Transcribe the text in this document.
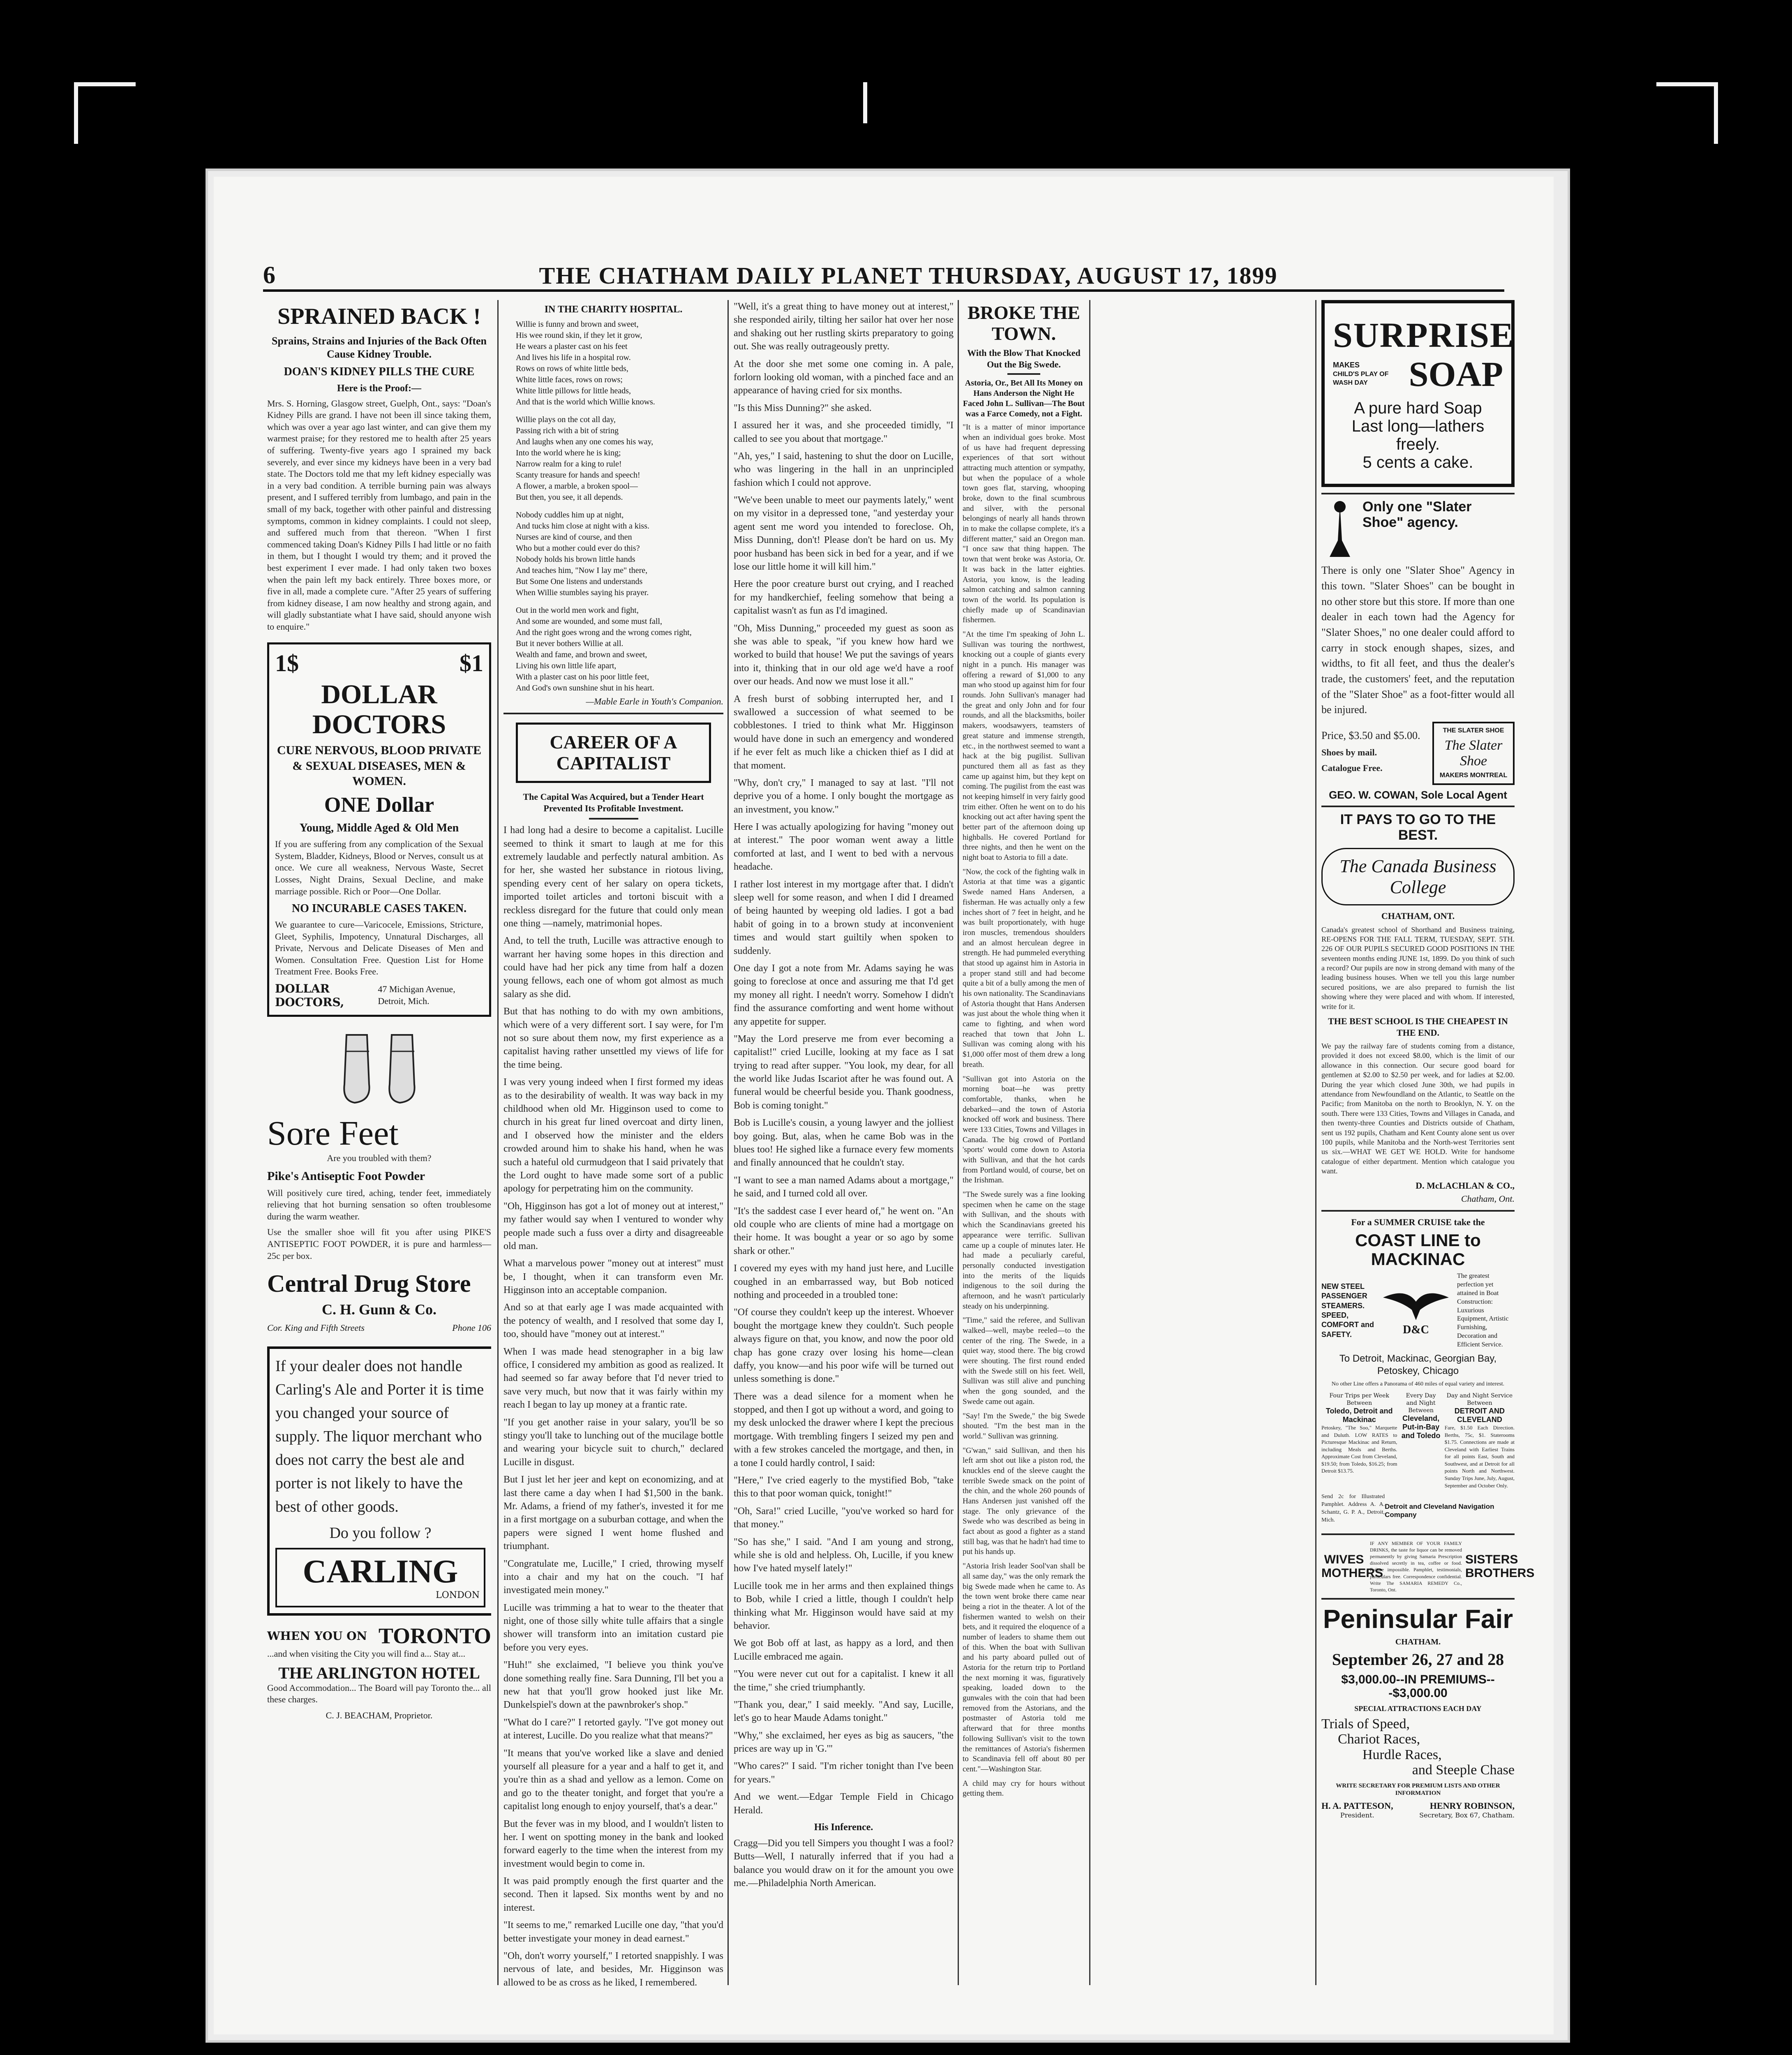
6	THE CHATHAM DAILY PLANET THURSDAY, AUGUST 17, 1899
SPRAINED BACK !
Sprains, Strains and Injuries of the Back Often Cause Kidney Trouble.
DOAN'S KIDNEY PILLS THE CURE
Here is the Proof:—
Mrs. S. Horning, Glasgow street, Guelph, Ont., says: "Doan's Kidney Pills are grand. I have not been ill since taking them, which was over a year ago last winter, and can give them my warmest praise; for they restored me to health after 25 years of suffering. Twenty-five years ago I sprained my back severely, and ever since my kidneys have been in a very bad state. The Doctors told me that my left kidney especially was in a very bad condition. A terrible burning pain was always present, and I suffered terribly from lumbago, and pain in the small of my back, together with other painful and distressing symptoms, common in kidney complaints. I could not sleep, and suffered much from that thereon. "When I first commenced taking Doan's Kidney Pills I had little or no faith in them, but I thought I would try them; and it proved the best experiment I ever made. I had only taken two boxes when the pain left my back entirely. Three boxes more, or five in all, made a complete cure. "After 25 years of suffering from kidney disease, I am now healthy and strong again, and will gladly substantiate what I have said, should anyone wish to enquire."
1$	$1
DOLLAR DOCTORS
CURE NERVOUS, BLOOD PRIVATE & SEXUAL DISEASES, MEN & WOMEN.
ONE Dollar
Young, Middle Aged & Old Men
If you are suffering from any complication of the Sexual System, Bladder, Kidneys, Blood or Nerves, consult us at once. We cure all weakness, Nervous Waste, Secret Losses, Night Drains, Sexual Decline, and make marriage possible. Rich or Poor—One Dollar.
NO INCURABLE CASES TAKEN.
We guarantee to cure—Varicocele, Emissions, Stricture, Gleet, Syphilis, Impotency, Unnatural Discharges, all Private, Nervous and Delicate Diseases of Men and Women. Consultation Free. Question List for Home Treatment Free. Books Free.
DOLLAR DOCTORS,
47 Michigan Avenue, Detroit, Mich.
Sore Feet
Are you troubled with them?
Pike's Antiseptic Foot Powder
Will positively cure tired, aching, tender feet, immediately relieving that hot burning sensation so often troublesome during the warm weather.
Use the smaller shoe will fit you after using PIKE'S ANTISEPTIC FOOT POWDER, it is pure and harmless—25c per box.
Central Drug Store
C. H. Gunn & Co.
Cor. King and Fifth Streets	Phone 106
If your dealer does not handle Carling's Ale and Porter it is time you changed your source of supply. The liquor merchant who does not carry the best ale and porter is not likely to have the best of other goods.
Do you follow ?
CARLING
LONDON
WHEN YOU ON TORONTO
...and when visiting the City you will find a... Stay at...
THE ARLINGTON HOTEL
Good Accommodation... The Board will pay Toronto the... all these charges.
C. J. BEACHAM, Proprietor.
IN THE CHARITY HOSPITAL.
Willie is funny and brown and sweet,
His wee round skin, if they let it grow,
He wears a plaster cast on his feet
And lives his life in a hospital row.
Rows on rows of white little beds,
White little faces, rows on rows;
White little pillows for little heads,
And that is the world which Willie knows.
Willie plays on the cot all day,
Passing rich with a bit of string
And laughs when any one comes his way,
Into the world where he is king;
Narrow realm for a king to rule!
Scanty treasure for hands and speech!
A flower, a marble, a broken spool—
But then, you see, it all depends.
Nobody cuddles him up at night,
And tucks him close at night with a kiss.
Nurses are kind of course, and then
Who but a mother could ever do this?
Nobody holds his brown little hands
And teaches him, "Now I lay me" there,
But Some One listens and understands
When Willie stumbles saying his prayer.
Out in the world men work and fight,
And some are wounded, and some must fall,
And the right goes wrong and the wrong comes right,
But it never bothers Willie at all.
Wealth and fame, and brown and sweet,
Living his own little life apart,
With a plaster cast on his poor little feet,
And God's own sunshine shut in his heart.
—Mable Earle in Youth's Companion.
CAREER OF A CAPITALIST
The Capital Was Acquired, but a Tender Heart Prevented Its Profitable Investment.
I had long had a desire to become a capitalist. Lucille seemed to think it smart to laugh at me for this extremely laudable and perfectly natural ambition. As for her, she wasted her substance in riotous living, spending every cent of her salary on opera tickets, imported toilet articles and tortoni biscuit with a reckless disregard for the future that could only mean one thing —namely, matrimonial hopes.
And, to tell the truth, Lucille was attractive enough to warrant her having some hopes in this direction and could have had her pick any time from half a dozen young fellows, each one of whom got almost as much salary as she did.
But that has nothing to do with my own ambitions, which were of a very different sort. I say were, for I'm not so sure about them now, my first experience as a capitalist having rather unsettled my views of life for the time being.
I was very young indeed when I first formed my ideas as to the desirability of wealth. It was way back in my childhood when old Mr. Higginson used to come to church in his great fur lined overcoat and dirty linen, and I observed how the minister and the elders crowded around him to shake his hand, when he was such a hateful old curmudgeon that I said privately that the Lord ought to have made some sort of a public apology for perpetrating him on the community.
"Oh, Higginson has got a lot of money out at interest," my father would say when I ventured to wonder why people made such a fuss over a dirty and disagreeable old man.
What a marvelous power "money out at interest" must be, I thought, when it can transform even Mr. Higginson into an acceptable companion.
And so at that early age I was made acquainted with the potency of wealth, and I resolved that some day I, too, should have "money out at interest."
When I was made head stenographer in a big law office, I considered my ambition as good as realized. It had seemed so far away before that I'd never tried to save very much, but now that it was fairly within my reach I began to lay up money at a frantic rate.
"If you get another raise in your salary, you'll be so stingy you'll take to lunching out of the mucilage bottle and wearing your bicycle suit to church," declared Lucille in disgust.
But I just let her jeer and kept on economizing, and at last there came a day when I had $1,500 in the bank. Mr. Adams, a friend of my father's, invested it for me in a first mortgage on a suburban cottage, and when the papers were signed I went home flushed and triumphant.
"Congratulate me, Lucille," I cried, throwing myself into a chair and my hat on the couch. "I haf investigated mein money."
Lucille was trimming a hat to wear to the theater that night, one of those silly white tulle affairs that a single shower will transform into an imitation custard pie before you very eyes.
"Huh!" she exclaimed, "I believe you think you've done something really fine. Sara Dunning, I'll bet you a new hat that you'll grow hooked just like Mr. Dunkelspiel's down at the pawnbroker's shop."
"What do I care?" I retorted gayly. "I've got money out at interest, Lucille. Do you realize what that means?"
"It means that you've worked like a slave and denied yourself all pleasure for a year and a half to get it, and you're thin as a shad and yellow as a lemon. Come on and go to the theater tonight, and forget that you're a capitalist long enough to enjoy yourself, that's a dear."
But the fever was in my blood, and I wouldn't listen to her. I went on spotting money in the bank and looked forward eagerly to the time when the interest from my investment would begin to come in.
It was paid promptly enough the first quarter and the second. Then it lapsed. Six months went by and no interest.
"It seems to me," remarked Lucille one day, "that you'd better investigate your money in dead earnest."
"Oh, don't worry yourself," I retorted snappishly. I was nervous of late, and besides, Mr. Higginson was allowed to be as cross as he liked, I remembered.
"Well, it's a great thing to have money out at interest," she responded airily, tilting her sailor hat over her nose and shaking out her rustling skirts preparatory to going out. She was really outrageously pretty.
At the door she met some one coming in. A pale, forlorn looking old woman, with a pinched face and an appearance of having cried for six months.
"Is this Miss Dunning?" she asked.
I assured her it was, and she proceeded timidly, "I called to see you about that mortgage."
"Ah, yes," I said, hastening to shut the door on Lucille, who was lingering in the hall in an unprincipled fashion which I could not approve.
"We've been unable to meet our payments lately," went on my visitor in a depressed tone, "and yesterday your agent sent me word you intended to foreclose. Oh, Miss Dunning, don't! Please don't be hard on us. My poor husband has been sick in bed for a year, and if we lose our little home it will kill him."
Here the poor creature burst out crying, and I reached for my handkerchief, feeling somehow that being a capitalist wasn't as fun as I'd imagined.
"Oh, Miss Dunning," proceeded my guest as soon as she was able to speak, "if you knew how hard we worked to build that house! We put the savings of years into it, thinking that in our old age we'd have a roof over our heads. And now we must lose it all."
A fresh burst of sobbing interrupted her, and I swallowed a succession of what seemed to be cobblestones. I tried to think what Mr. Higginson would have done in such an emergency and wondered if he ever felt as much like a chicken thief as I did at that moment.
"Why, don't cry," I managed to say at last. "I'll not deprive you of a home. I only bought the mortgage as an investment, you know."
Here I was actually apologizing for having "money out at interest." The poor woman went away a little comforted at last, and I went to bed with a nervous headache.
I rather lost interest in my mortgage after that. I didn't sleep well for some reason, and when I did I dreamed of being haunted by weeping old ladies. I got a bad habit of going in to a brown study at inconvenient times and would start guiltily when spoken to suddenly.
One day I got a note from Mr. Adams saying he was going to foreclose at once and assuring me that I'd get my money all right. I needn't worry. Somehow I didn't find the assurance comforting and went home without any appetite for supper.
"May the Lord preserve me from ever becoming a capitalist!" cried Lucille, looking at my face as I sat trying to read after supper. "You look, my dear, for all the world like Judas Iscariot after he was found out. A funeral would be cheerful beside you. Thank goodness, Bob is coming tonight."
Bob is Lucille's cousin, a young lawyer and the jolliest boy going. But, alas, when he came Bob was in the blues too! He sighed like a furnace every few moments and finally announced that he couldn't stay.
"I want to see a man named Adams about a mortgage," he said, and I turned cold all over.
"It's the saddest case I ever heard of," he went on. "An old couple who are clients of mine had a mortgage on their home. It was bought a year or so ago by some shark or other."
I covered my eyes with my hand just here, and Lucille coughed in an embarrassed way, but Bob noticed nothing and proceeded in a troubled tone:
"Of course they couldn't keep up the interest. Whoever bought the mortgage knew they couldn't. Such people always figure on that, you know, and now the poor old chap has gone crazy over losing his home—clean daffy, you know—and his poor wife will be turned out unless something is done."
There was a dead silence for a moment when he stopped, and then I got up without a word, and going to my desk unlocked the drawer where I kept the precious mortgage. With trembling fingers I seized my pen and with a few strokes canceled the mortgage, and then, in a tone I could hardly control, I said:
"Here," I've cried eagerly to the mystified Bob, "take this to that poor woman quick, tonight!"
"Oh, Sara!" cried Lucille, "you've worked so hard for that money."
"So has she," I said. "And I am young and strong, while she is old and helpless. Oh, Lucille, if you knew how I've hated myself lately!"
Lucille took me in her arms and then explained things to Bob, while I cried a little, though I couldn't help thinking what Mr. Higginson would have said at my behavior.
We got Bob off at last, as happy as a lord, and then Lucille embraced me again.
"You were never cut out for a capitalist. I knew it all the time," she cried triumphantly.
"Thank you, dear," I said meekly. "And say, Lucille, let's go to hear Maude Adams tonight."
"Why," she exclaimed, her eyes as big as saucers, "the prices are way up in 'G.'"
"Who cares?" I said. "I'm richer tonight than I've been for years."
And we went.—Edgar Temple Field in Chicago Herald.
His Inference.
Cragg—Did you tell Simpers you thought I was a fool? Butts—Well, I naturally inferred that if you had a balance you would draw on it for the amount you owe me.—Philadelphia North American.
BROKE THE TOWN.
With the Blow That Knocked Out the Big Swede.
Astoria, Or., Bet All Its Money on Hans Anderson the Night He Faced John L. Sullivan—The Bout was a Farce Comedy, not a Fight.
"It is a matter of minor importance when an individual goes broke. Most of us have had frequent depressing experiences of that sort without attracting much attention or sympathy, but when the populace of a whole town goes flat, starving, whooping broke, down to the final scumbrous and silver, with the personal belongings of nearly all hands thrown in to make the collapse complete, it's a different matter," said an Oregon man. "I once saw that thing happen. The town that went broke was Astoria, Or. It was back in the latter eighties. Astoria, you know, is the leading salmon catching and salmon canning town of the world. Its population is chiefly made up of Scandinavian fishermen.
"At the time I'm speaking of John L. Sullivan was touring the northwest, knocking out a couple of giants every night in a punch. His manager was offering a reward of $1,000 to any man who stood up against him for four rounds. John Sullivan's manager had the great and only John and for four rounds, and all the blacksmiths, boiler makers, woodsawyers, teamsters of great stature and immense strength, etc., in the northwest seemed to want a hack at the big pugilist. Sullivan punctured them all as fast as they came up against him, but they kept on coming. The pugilist from the east was not keeping himself in very fairly good trim either. Often he went on to do his knocking out act after having spent the better part of the afternoon doing up highballs. He covered Portland for three nights, and then he went on the night boat to Astoria to fill a date.
"Now, the cock of the fighting walk in Astoria at that time was a gigantic Swede named Hans Andersen, a fisherman. He was actually only a few inches short of 7 feet in height, and he was built proportionately, with huge iron muscles, tremendous shoulders and an almost herculean degree in strength. He had pummeled everything that stood up against him in Astoria in a proper stand still and had become quite a bit of a bully among the men of his own nationality. The Scandinavians of Astoria thought that Hans Andersen was just about the whole thing when it came to fighting, and when word reached that town that John L. Sullivan was coming along with his $1,000 offer most of them drew a long breath.
"Sullivan got into Astoria on the morning boat—he was pretty comfortable, thanks, when he debarked—and the town of Astoria knocked off work and business. There were 133 Cities, Towns and Villages in Canada. The big crowd of Portland 'sports' would come down to Astoria with Sullivan, and that the hot cards from Portland would, of course, bet on the Irishman.
"The Swede surely was a fine looking specimen when he came on the stage with Sullivan, and the shouts with which the Scandinavians greeted his appearance were terrific. Sullivan came up a couple of minutes later. He had made a peculiarly careful, personally conducted investigation into the merits of the liquids indigenous to the soil during the afternoon, and he wasn't particularly steady on his underpinning.
"Time," said the referee, and Sullivan walked—well, maybe reeled—to the center of the ring. The Swede, in a quiet way, stood there. The big crowd were shouting. The first round ended with the Swede still on his feet. Well, Sullivan was still alive and punching when the gong sounded, and the Swede came out again.
"Say! I'm the Swede," the big Swede shouted. "I'm the best man in the world." Sullivan was grinning.
"G'wan," said Sullivan, and then his left arm shot out like a piston rod, the knuckles end of the sleeve caught the terrible Swede smack on the point of the chin, and the whole 260 pounds of Hans Andersen just vanished off the stage. The only grievance of the Swede who was described as being in fact about as good a fighter as a stand still bag, was that he hadn't had time to put his hands up.
"Astoria Irish leader Sool'van shall be all same day," was the only remark the big Swede made when he came to. As the town went broke there came near being a riot in the theater. A lot of the fishermen wanted to welsh on their bets, and it required the eloquence of a number of leaders to shame them out of this. When the boat with Sullivan and his party aboard pulled out of Astoria for the return trip to Portland the next morning it was, figuratively speaking, loaded down to the gunwales with the coin that had been removed from the Astorians, and the postmaster of Astoria told me afterward that for three months following Sullivan's visit to the town the remittances of Astoria's fishermen to Scandinavia fell off about 80 per cent."—Washington Star.
A child may cry for hours without getting them.
SURPRISE
MAKES
CHILD'S PLAY OF WASH DAY	SOAP
A pure hard Soap
Last long—lathers freely.
5 cents a cake.
Only one "Slater Shoe" agency.
There is only one "Slater Shoe" Agency in this town. "Slater Shoes" can be bought in no other store but this store. If more than one dealer in each town had the Agency for "Slater Shoes," no one dealer could afford to carry in stock enough shapes, sizes, and widths, to fit all feet, and thus the dealer's trade, the customers' feet, and the reputation of the "Slater Shoe" as a foot-fitter would all be injured.
Price, $3.50 and $5.00.
Shoes by mail.
Catalogue Free.
THE SLATER SHOE
The Slater Shoe
MAKERS MONTREAL
GEO. W. COWAN, Sole Local Agent
IT PAYS TO GO TO THE BEST.
The Canada Business College
CHATHAM, ONT.
Canada's greatest school of Shorthand and Business training, RE-OPENS FOR THE FALL TERM, TUESDAY, SEPT. 5TH. 226 OF OUR PUPILS SECURED GOOD POSITIONS IN THE seventeen months ending JUNE 1st, 1899. Do you think of such a record? Our pupils are now in strong demand with many of the leading business houses. When we tell you this large number secured positions, we are also prepared to furnish the list showing where they were placed and with whom. If interested, write for it.
THE BEST SCHOOL IS THE CHEAPEST IN THE END.
We pay the railway fare of students coming from a distance, provided it does not exceed $8.00, which is the limit of our allowance in this connection. Our secure good board for gentlemen at $2.00 to $2.50 per week, and for ladies at $2.00. During the year which closed June 30th, we had pupils in attendance from Newfoundland on the Atlantic, to Seattle on the Pacific; from Manitoba on the north to Brooklyn, N. Y. on the south. There were 133 Cities, Towns and Villages in Canada, and then twenty-three Counties and Districts outside of Chatham, sent us 192 pupils, Chatham and Kent County alone sent us over 100 pupils, while Manitoba and the North-west Territories sent us six.—WHAT WE GET WE HOLD. Write for handsome catalogue of either department. Mention which catalogue you want.
D. McLACHLAN & CO.,
Chatham, Ont.
For a SUMMER CRUISE take the
COAST LINE to MACKINAC
NEW STEEL PASSENGER STEAMERS. SPEED, COMFORT and SAFETY.	D&C
The greatest perfection yet attained in Boat Construction: Luxurious Equipment, Artistic Furnishing, Decoration and Efficient Service.
To Detroit, Mackinac, Georgian Bay, Petoskey, Chicago
No other Line offers a Panorama of 460 miles of equal variety and interest.
Four Trips per Week Between
Toledo, Detroit and Mackinac
Petoskey, "The Soo," Marquette and Duluth. LOW RATES to Picturesque Mackinac and Return, including Meals and Berths. Approximate Cost from Cleveland, $19.50; from Toledo, $16.25; from Detroit $13.75.
Every Day and Night Between
Cleveland, Put-in-Bay and Toledo
Day and Night Service Between
DETROIT AND CLEVELAND
Fare, $1.50 Each Direction. Berths, 75c, $1. Staterooms $1.75. Connections are made at Cleveland with Earliest Trains for all points East, South and Southwest, and at Detroit for all points North and Northwest. Sunday Trips June, July, August, September and October Only.
Send 2c for Illustrated Pamphlet. Address A. A. Schantz, G. P. A., Detroit, Mich.
Detroit and Cleveland Navigation Company
WIVES MOTHERS
IF ANY MEMBER OF YOUR FAMILY DRINKS, the taste for liquor can be removed permanently by giving Samaria Prescription dissolved secretly in tea, coffee or food. Failure impossible. Pamphlet, testimonials, particulars free. Correspondence confidential. Write The SAMARIA REMEDY Co., Toronto, Ont.
SISTERS BROTHERS
Peninsular Fair
CHATHAM.
September 26, 27 and 28
$3,000.00--IN PREMIUMS---$3,000.00
SPECIAL ATTRACTIONS EACH DAY
Trials of Speed,
Chariot Races,
Hurdle Races,
and Steeple Chase
WRITE SECRETARY FOR PREMIUM LISTS AND OTHER INFORMATION
H. A. PATTESON,
President.
HENRY ROBINSON,
Secretary, Box 67, Chatham.
